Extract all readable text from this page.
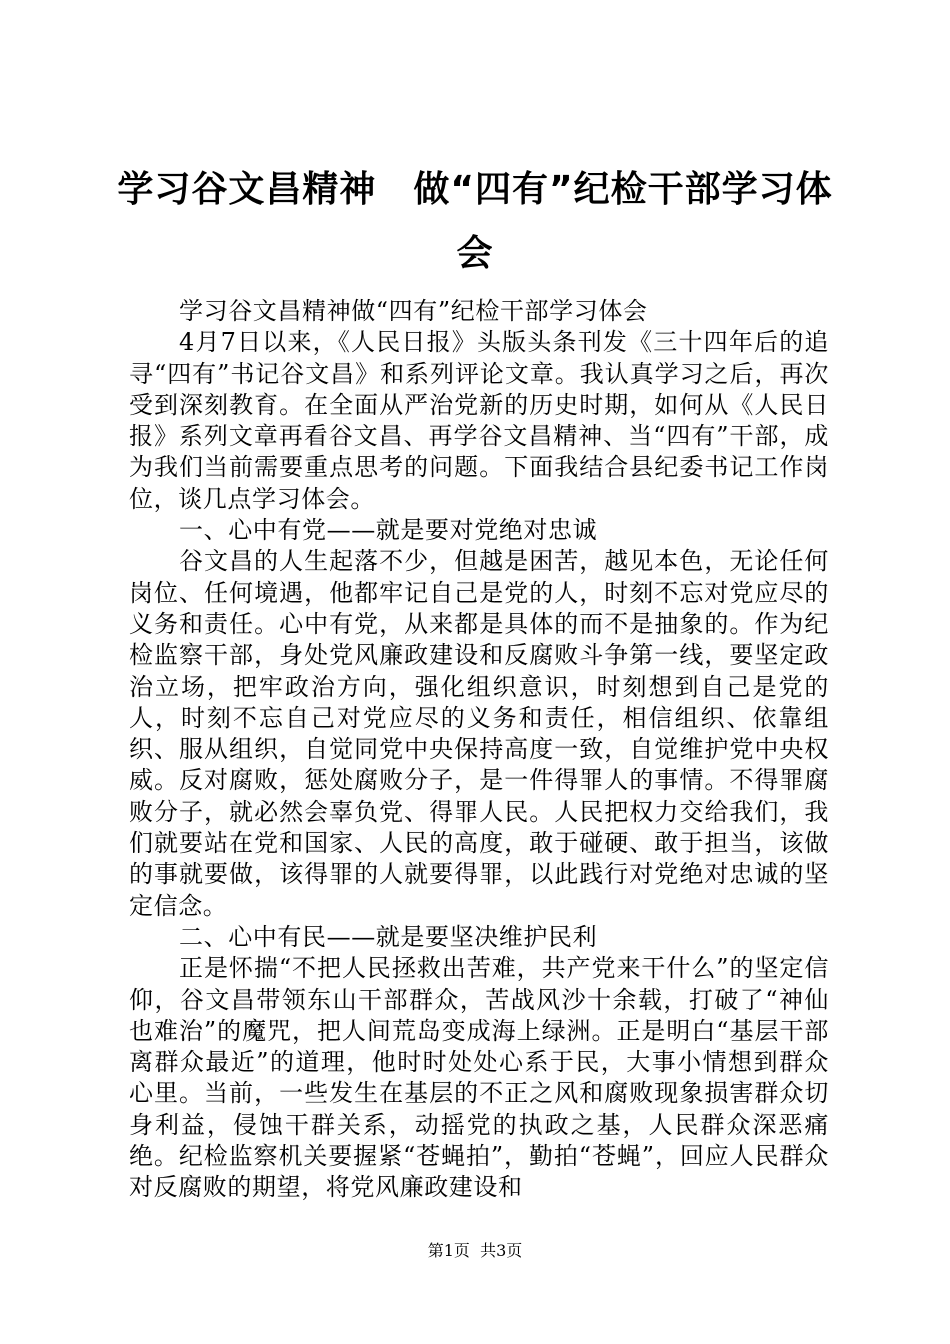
学习谷文昌精神　做“四有”纪检干部学习体会

学习谷文昌精神做“四有”纪检干部学习体会

4月7日以来，《人民日报》头版头条刊发《三十四年后的追寻“四有”书记谷文昌》和系列评论文章。我认真学习之后，再次受到深刻教育。在全面从严治党新的历史时期，如何从《人民日报》系列文章再看谷文昌、再学谷文昌精神、当“四有”干部，成为我们当前需要重点思考的问题。下面我结合县纪委书记工作岗位，谈几点学习体会。

一、心中有党——就是要对党绝对忠诚

谷文昌的人生起落不少，但越是困苦，越见本色，无论任何岗位、任何境遇，他都牢记自己是党的人，时刻不忘对党应尽的义务和责任。心中有党，从来都是具体的而不是抽象的。作为纪检监察干部，身处党风廉政建设和反腐败斗争第一线，要坚定政治立场，把牢政治方向，强化组织意识，时刻想到自己是党的人，时刻不忘自己对党应尽的义务和责任，相信组织、依靠组织、服从组织，自觉同党中央保持高度一致，自觉维护党中央权威。反对腐败，惩处腐败分子，是一件得罪人的事情。不得罪腐败分子，就必然会辜负党、得罪人民。人民把权力交给我们，我们就要站在党和国家、人民的高度，敢于碰硬、敢于担当，该做的事就要做，该得罪的人就要得罪，以此践行对党绝对忠诚的坚定信念。

二、心中有民——就是要坚决维护民利

正是怀揣“不把人民拯救出苦难，共产党来干什么”的坚定信仰，谷文昌带领东山干部群众，苦战风沙十余载，打破了“神仙也难治”的魔咒，把人间荒岛变成海上绿洲。正是明白“基层干部离群众最近”的道理，他时时处处心系于民，大事小情想到群众心里。当前，一些发生在基层的不正之风和腐败现象损害群众切身利益，侵蚀干群关系，动摇党的执政之基，人民群众深恶痛绝。纪检监察机关要握紧“苍蝇拍”，勤拍“苍蝇”，回应人民群众对反腐败的期望，将党风廉政建设和

第1页 共3页
